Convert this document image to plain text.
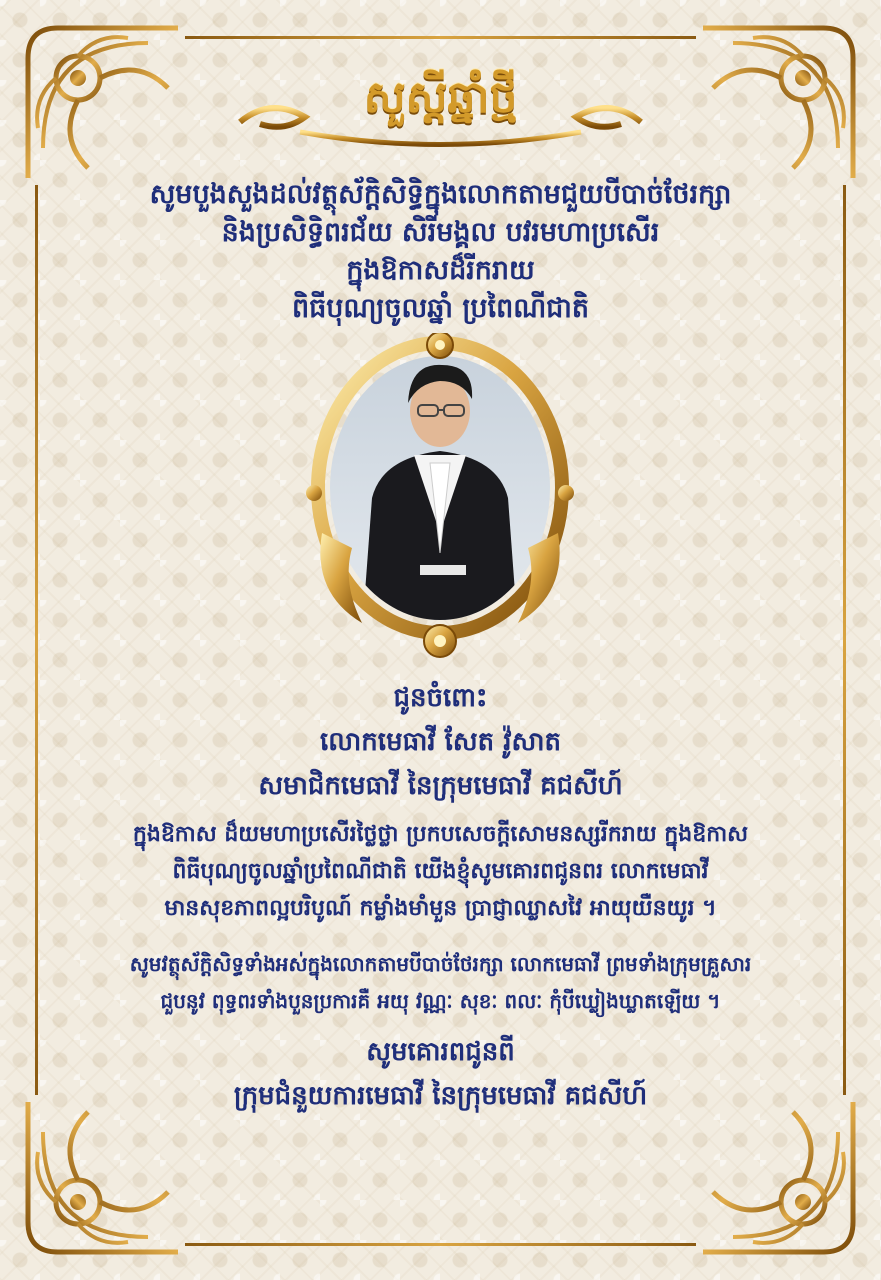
សួស្តីឆ្នាំថ្មី
សូមបួងសួងដល់វត្ថុស័ក្តិសិទ្ធិក្នុងលោកតាមជួយបីបាច់ថែរក្សា
និងប្រសិទ្ធិពរជ័យ សិរីមង្គល បវរមហាប្រសើរ
ក្នុងឱកាសដ៏រីករាយ
ពិធីបុណ្យចូលឆ្នាំ ប្រពៃណីជាតិ
ជូនចំពោះ
លោកមេធាវី សែត វ៉ូសាត
សមាជិកមេធាវី នៃក្រុមមេធាវី គជសីហ៍
ក្នុងឱកាស ដ៏យមហាប្រសើរថ្លៃថ្លា ប្រកបសេចក្តីសោមនស្សរីករាយ ក្នុងឱកាស
ពិធីបុណ្យចូលឆ្នាំប្រពៃណីជាតិ យើងខ្ញុំសូមគោរពជូនពរ លោកមេធាវី
មានសុខភាពល្អបរិបូណ៍ កម្លាំងមាំមួន ប្រាជ្ញាឈ្លាសវៃ អាយុយឺនយូរ ។
សូមវត្ថុស័ក្តិសិទ្ធទាំងអស់ក្នុងលោកតាមបីបាច់ថែរក្សា លោកមេធាវី ព្រមទាំងក្រុមគ្រួសារ
ជួបនូវ ពុទ្ធពរទាំងបួនប្រការគឺ អយុ វណ្ណៈ សុខៈ ពលៈ កុំបីឃ្លៀងឃ្លាតឡើយ ។
សូមគោរពជូនពី
ក្រុមជំនួយការមេធាវី នៃក្រុមមេធាវី គជសីហ៍
